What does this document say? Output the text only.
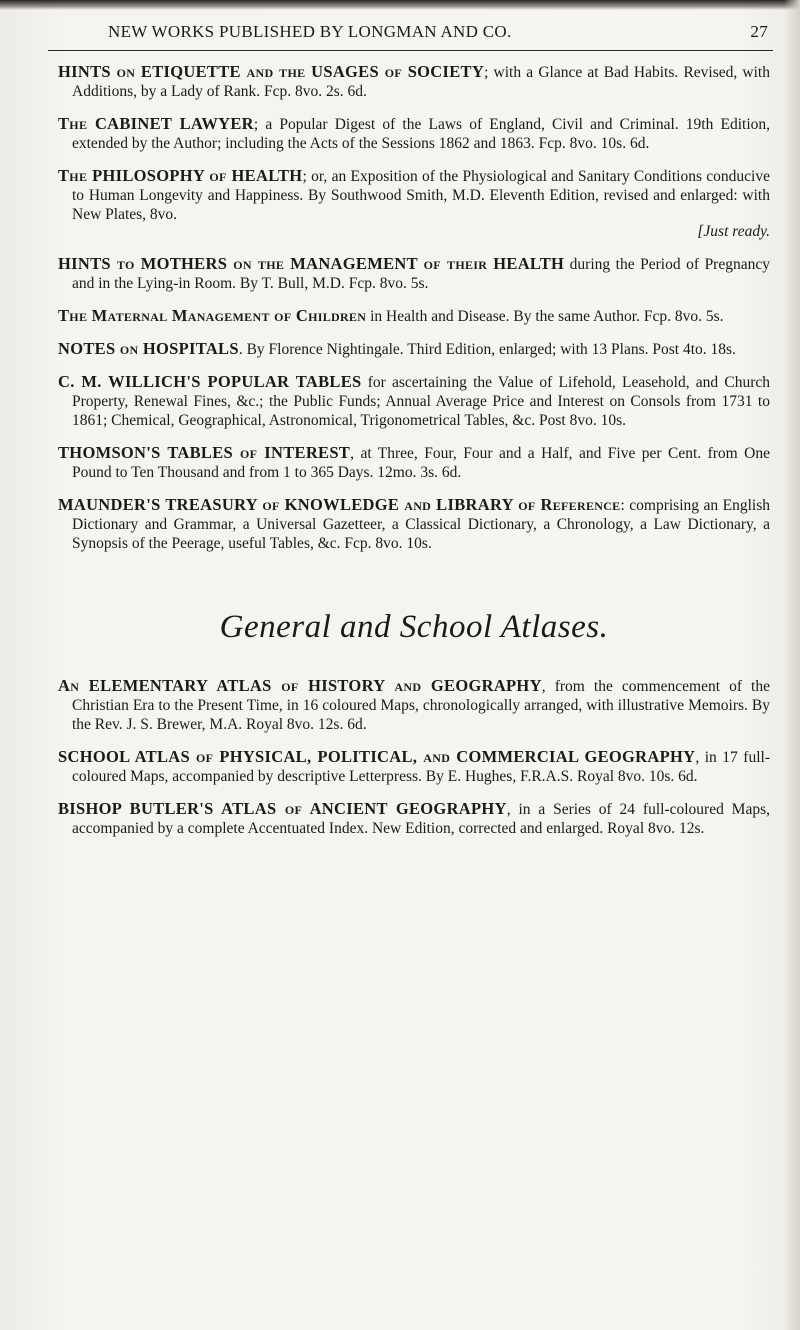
NEW WORKS PUBLISHED BY LONGMAN AND CO.	27

HINTS on ETIQUETTE and the USAGES of SOCIETY; with a Glance at Bad Habits. Revised, with Additions, by a Lady of Rank. Fcp. 8vo. 2s. 6d.

The CABINET LAWYER; a Popular Digest of the Laws of England, Civil and Criminal. 19th Edition, extended by the Author; including the Acts of the Sessions 1862 and 1863. Fcp. 8vo. 10s. 6d.

The PHILOSOPHY of HEALTH; or, an Exposition of the Physiological and Sanitary Conditions conducive to Human Longevity and Happiness. By Southwood Smith, M.D. Eleventh Edition, revised and enlarged: with New Plates, 8vo.
[Just ready.

HINTS to MOTHERS on the MANAGEMENT of their HEALTH during the Period of Pregnancy and in the Lying-in Room. By T. Bull, M.D. Fcp. 8vo. 5s.

The Maternal Management of Children in Health and Disease. By the same Author. Fcp. 8vo. 5s.

NOTES on HOSPITALS. By Florence Nightingale. Third Edition, enlarged; with 13 Plans. Post 4to. 18s.

C. M. WILLICH'S POPULAR TABLES for ascertaining the Value of Lifehold, Leasehold, and Church Property, Renewal Fines, &c.; the Public Funds; Annual Average Price and Interest on Consols from 1731 to 1861; Chemical, Geographical, Astronomical, Trigonometrical Tables, &c. Post 8vo. 10s.

THOMSON'S TABLES of INTEREST, at Three, Four, Four and a Half, and Five per Cent. from One Pound to Ten Thousand and from 1 to 365 Days. 12mo. 3s. 6d.

MAUNDER'S TREASURY of KNOWLEDGE and LIBRARY of Reference: comprising an English Dictionary and Grammar, a Universal Gazetteer, a Classical Dictionary, a Chronology, a Law Dictionary, a Synopsis of the Peerage, useful Tables, &c. Fcp. 8vo. 10s.

General and School Atlases.

An ELEMENTARY ATLAS of HISTORY and GEOGRAPHY, from the commencement of the Christian Era to the Present Time, in 16 coloured Maps, chronologically arranged, with illustrative Memoirs. By the Rev. J. S. Brewer, M.A. Royal 8vo. 12s. 6d.

SCHOOL ATLAS of PHYSICAL, POLITICAL, and COMMERCIAL GEOGRAPHY, in 17 full-coloured Maps, accompanied by descriptive Letterpress. By E. Hughes, F.R.A.S. Royal 8vo. 10s. 6d.

BISHOP BUTLER'S ATLAS of ANCIENT GEOGRAPHY, in a Series of 24 full-coloured Maps, accompanied by a complete Accentuated Index. New Edition, corrected and enlarged. Royal 8vo. 12s.
